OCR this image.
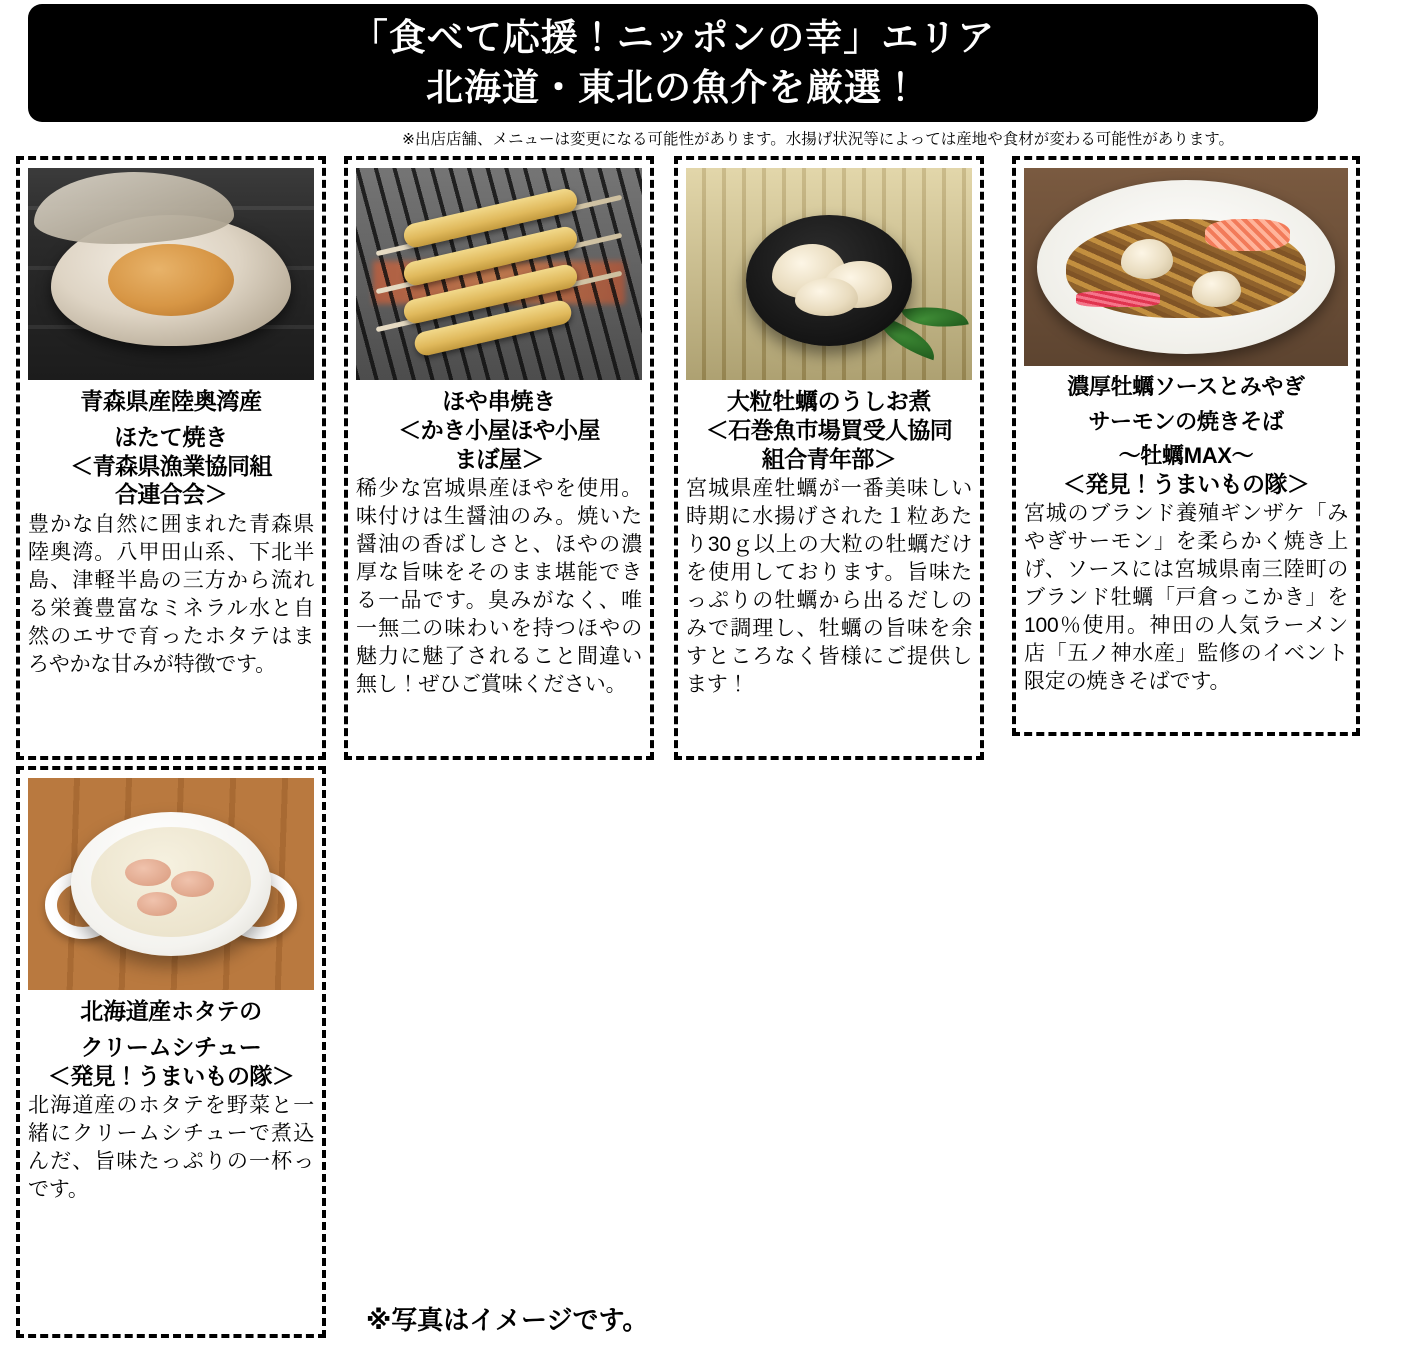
「食べて応援！ニッポンの幸」エリア
北海道・東北の魚介を厳選！
※出店店舗、メニューは変更になる可能性があります。水揚げ状況等によっては産地や食材が変わる可能性があります。
青森県産陸奥湾産
ほたて焼き
＜青森県漁業協同組
合連合会＞
豊かな自然に囲まれた青森県陸奥湾。八甲田山系、下北半島、津軽半島の三方から流れる栄養豊富なミネラル水と自然のエサで育ったホタテはまろやかな甘みが特徴です。
ほや串焼き
＜かき小屋ほや小屋
まぼ屋＞
稀少な宮城県産ほやを使用。味付けは生醤油のみ。焼いた醤油の香ばしさと、ほやの濃厚な旨味をそのまま堪能できる一品です。臭みがなく、唯一無二の味わいを持つほやの魅力に魅了されること間違い無し！ぜひご賞味ください。
大粒牡蠣のうしお煮
＜石巻魚市場買受人協同
組合青年部＞
宮城県産牡蠣が一番美味しい時期に水揚げされた１粒あたり30ｇ以上の大粒の牡蠣だけを使用しております。旨味たっぷりの牡蠣から出るだしのみで調理し、牡蠣の旨味を余すところなく皆様にご提供します！
濃厚牡蠣ソースとみやぎ
サーモンの焼きそば
〜牡蠣MAX〜
＜発見！うまいもの隊＞
宮城のブランド養殖ギンザケ「みやぎサーモン」を柔らかく焼き上げ、ソースには宮城県南三陸町のブランド牡蠣「戸倉っこかき」を100％使用。神田の人気ラーメン店「五ノ神水産」監修のイベント限定の焼きそばです。
北海道産ホタテの
クリームシチュー
＜発見！うまいもの隊＞
北海道産のホタテを野菜と一緒にクリームシチューで煮込んだ、旨味たっぷりの一杯っです。
※写真はイメージです。
